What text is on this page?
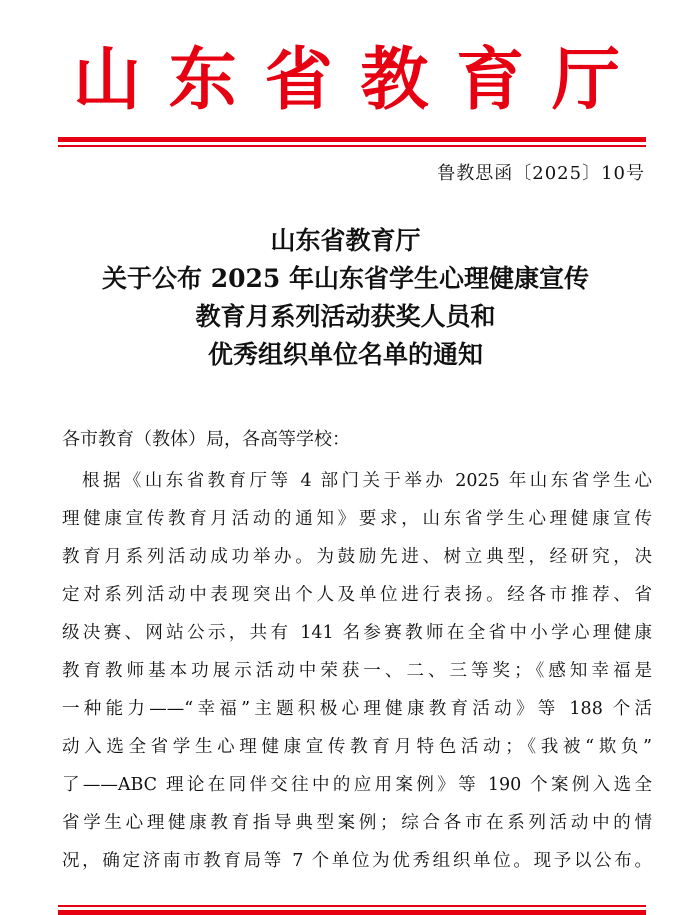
山 东 省 教 育 厅
鲁教思函〔2025〕10号
山东省教育厅
关于公布 2025 年山东省学生心理健康宣传
教育月系列活动获奖人员和
优秀组织单位名单的通知
各市教育（教体）局，各高等学校：
根据《山东省教育厅等 4 部门关于举办 2025 年山东省学生心
理健康宣传教育月活动的通知》要求，山东省学生心理健康宣传
教育月系列活动成功举办。为鼓励先进、树立典型，经研究，决
定对系列活动中表现突出个人及单位进行表扬。经各市推荐、省
级决赛、网站公示，共有 141 名参赛教师在全省中小学心理健康
教育教师基本功展示活动中荣获一、二、三等奖；《感知幸福是
一种能力——“幸福”主题积极心理健康教育活动》等 188 个活
动入选全省学生心理健康宣传教育月特色活动；《我被“欺负”
了——ABC 理论在同伴交往中的应用案例》等 190 个案例入选全
省学生心理健康教育指导典型案例；综合各市在系列活动中的情
况，确定济南市教育局等 7 个单位为优秀组织单位。现予以公布。
